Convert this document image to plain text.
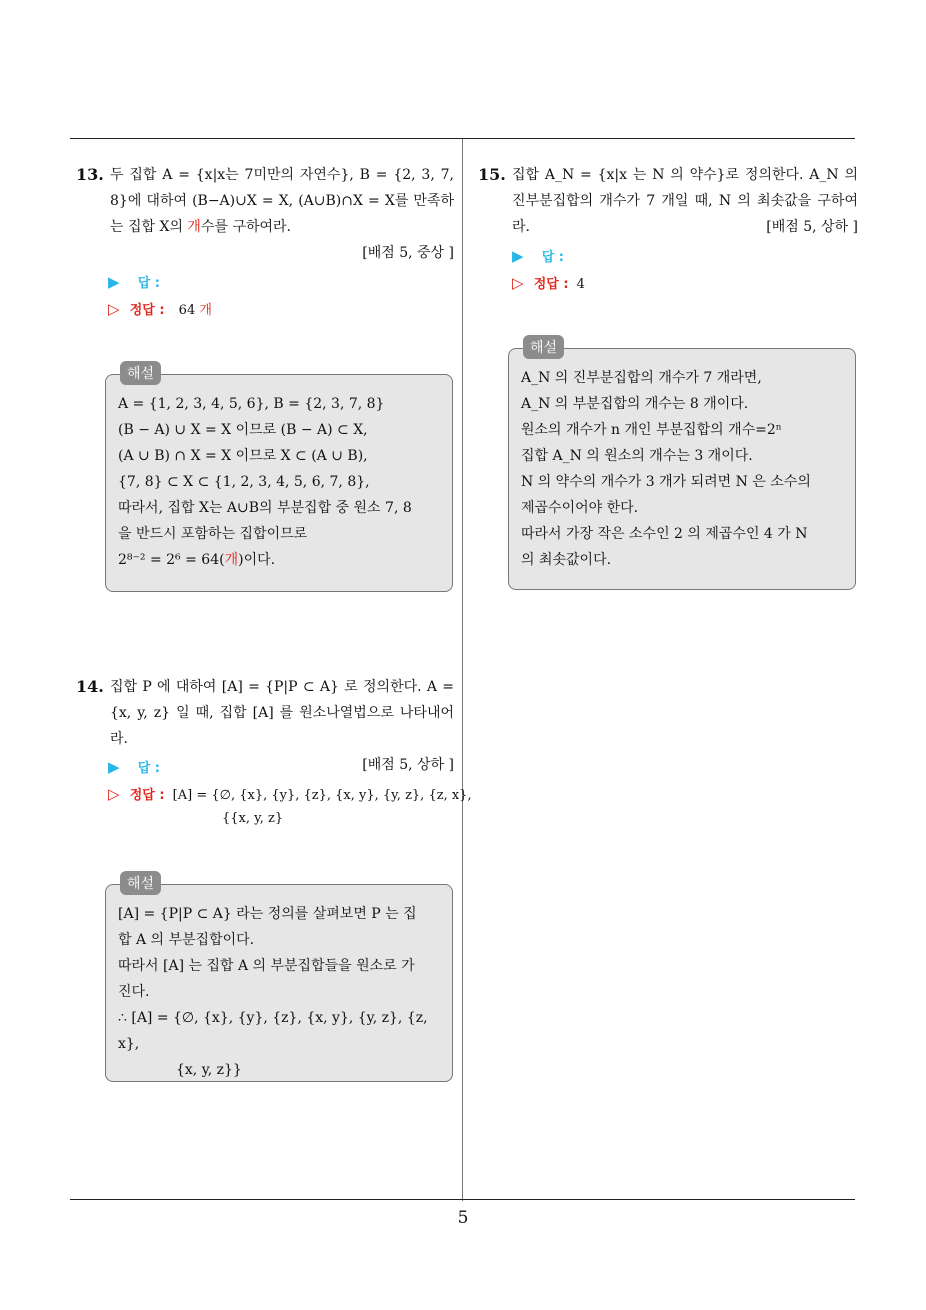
13. 두 집합 A = {x|x는 7미만의 자연수}, B = {2, 3, 7, 8}에 대하여 (B−A)∪X = X, (A∪B)∩X = X를 만족하는 집합 X의 개수를 구하여라.
[배점 5, 중상 ]
▶ 답 :
▷ 정답 : 64 개
해설
A = {1, 2, 3, 4, 5, 6}, B = {2, 3, 7, 8}
(B − A) ∪ X = X 이므로 (B − A) ⊂ X,
(A ∪ B) ∩ X = X 이므로 X ⊂ (A ∪ B),
{7, 8} ⊂ X ⊂ {1, 2, 3, 4, 5, 6, 7, 8},
따라서, 집합 X는 A∪B의 부분집합 중 원소 7, 8
을 반드시 포함하는 집합이므로
2⁸⁻² = 2⁶ = 64(개)이다.
14. 집합 P 에 대하여 [A] = {P|P ⊂ A} 로 정의한다. A = {x, y, z} 일 때, 집합 [A] 를 원소나열법으로 나타내어라.
[배점 5, 상하 ]
▶ 답 :
▷ 정답 : [A] = {∅, {x}, {y}, {z}, {x, y}, {y, z}, {z, x},
{{x, y, z}
해설
[A] = {P|P ⊂ A} 라는 정의를 살펴보면 P 는 집
합 A 의 부분집합이다.
따라서 [A] 는 집합 A 의 부분집합들을 원소로 가
진다.
∴ [A] = {∅, {x}, {y}, {z}, {x, y}, {y, z}, {z, x},
{x, y, z}}
15. 집합 A_N = {x|x 는 N 의 약수}로 정의한다. A_N 의 진부분집합의 개수가 7 개일 때, N 의 최솟값을 구하여라.	[배점 5, 상하 ]
▶ 답 :
▷ 정답 : 4
해설
A_N 의 진부분집합의 개수가 7 개라면,
A_N 의 부분집합의 개수는 8 개이다.
원소의 개수가 n 개인 부분집합의 개수=2ⁿ
집합 A_N 의 원소의 개수는 3 개이다.
N 의 약수의 개수가 3 개가 되려면 N 은 소수의
제곱수이어야 한다.
따라서 가장 작은 소수인 2 의 제곱수인 4 가 N
의 최솟값이다.
5
